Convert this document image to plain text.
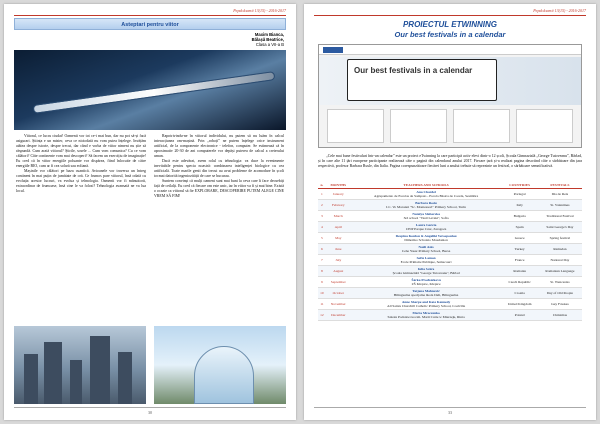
Pepdoloamii 13(15) - 2016-2017
Asteptari pentru viitor
Maxim Bianca,
Bălașă Beatrice,
Clasa a VII-a B

Viitorul, ce lucru ciudat! Oamenii vor tot ce-i mai bun, dar nu pot să-și facă asigurari. Știința e un mister, ceva ce niciodată nu vom putea înțelege. Invățăm atâtea despre istorie, despre trecut, dar când e vorba de viitor nimeni nu știe să răspundă. Cum arată viitorul? Știrile, sosele ... Cum vom comunica? Cu ce vom călători? Câte continente vom mai descoperi? Să facem un exercițiu de imaginație! Eu cred că în viitor energiile poluante vor dispărea, fiind înlocuite de către energiile BIO, cum ar fi cea solară sau eoliană.

Mașinile vor călători pe baza cuantică. Avioanele vor traversa un întreg continent în mai puțin de jumătate de oră. Ce frumos pare viitorul, însă odată cu evoluția acestor lucruri, va evolua și tehnologia. Oamenii vor fi mânuitorii, extraordinar de frumoase, însă cine le va folosi? Tehnologia avansată ne va lua locul.

Rapotrivindu-ne în viitorul individului, nu putem să nu luăm în calcul interacțiunea om-mașină. Prin „roboți” ne putem înțelege orice instrument artificial, de la componente electronice - telefon, computer. Se estimează că în aproximativ 20-30 de ani computerele vor depăși puterea de calcul a creierului uman.

Dacă este adevărat, avem rolul cu tehnologia: va duce la evenimente inevitabile pentru specia noastră: combinarea inteligenței biologice cu cea artificială. Toate marile genii din trecut au avut probleme de acomodare în școli tocmai datorită ingeniozității de care se bucurau.

Suntem convinși că mulți oameni sunt mai buni la ceva care îi face deosebiți față de ceilalți. Eu cred că fiecare om este unic, iar în viitor va fi și mai bine. Există o ocazie ca viitorul să fie EXPLORARE, DESCOPERIRE PUTEM ALEGE CINE VREM SĂ FIM!

30
Pepdoloamii 13(15) - 2016-2017
PROIECTUL ETWINNING
Our best festivals in a calendar
Our best festivals in a calendar

„Cele mai bune festivaluri într-un calendar” este un proiect eTwinning la care participă activ elevi dintr-o 12 școli, Școala Gimnazială „George Tutoveanu”, Bârlad, și în care alte 11 țări europene participante realizează câte o pagină din calendarul anului 2017. Fiecare țară și-a realizat pagina descriind câte o sărbătoare din țara respectivă, profesor Barbara Rusle, din Italia. Pagina corespunzătoare fiecărei luni a anului trebuie să reprezinte un festival, o sărbătoare semnificativă.

n.	MONTHS	TEACHERS AND SCHOOLS	COUNTRIES	FESTIVALS
1	January	Ana Chardel
Agrupamento de Escolas de Sampaio - Escola Básica de Cacela, Sesimbra	Portugal	Dia de Reis
2	February	Barbara Rosle
I.C. Vo Maronni "Sc. Montessori" Primary School, Turin	Italy	St. Valentines
3	March	Natalya Slaborska
3rd school "Vasil Levski", Sofia	Bulgaria	Traditional Festival
4	April	Laura Garcia
CEIP Parque Cruz, Zaragoza	Spain	Saint George's Day
5	May	Despina Koufou & Angeliki Versopoulou
Dimotiko Scholeio Moudanion	Greece	Spring festival
6	June	Nazli Anis
Cebe Yasar Primary School, Bursa	Turkey	Ramadan
7	July	Sofie Lamon
Ecole Primaire Publique, Semecourt	France	National Day
8	August	Iulia Scăra
Școala Gimnazială "George Tutoveanu", Bârlad	Romania	Romanian Language
9	September	Šárka Procházková
ZŠ Křepice, Křepice	Czech Republic	St. Wenceslas
10	October	Tatjana Mahnović
Bilingualna specijalna škola Deli, Bilingualna	Croatia	Day of Old People
11	November	Anne Sharpe and Kate Kennedy
All Saints Churchill Catholic Primary School, Coalville	United Kingdom	Guy Fawkes
12	December	Marta Mroczenko
Szkoła Podstawowa im. Marii Curie w Mierzeju, Rinta	Poland	Christmas
33
